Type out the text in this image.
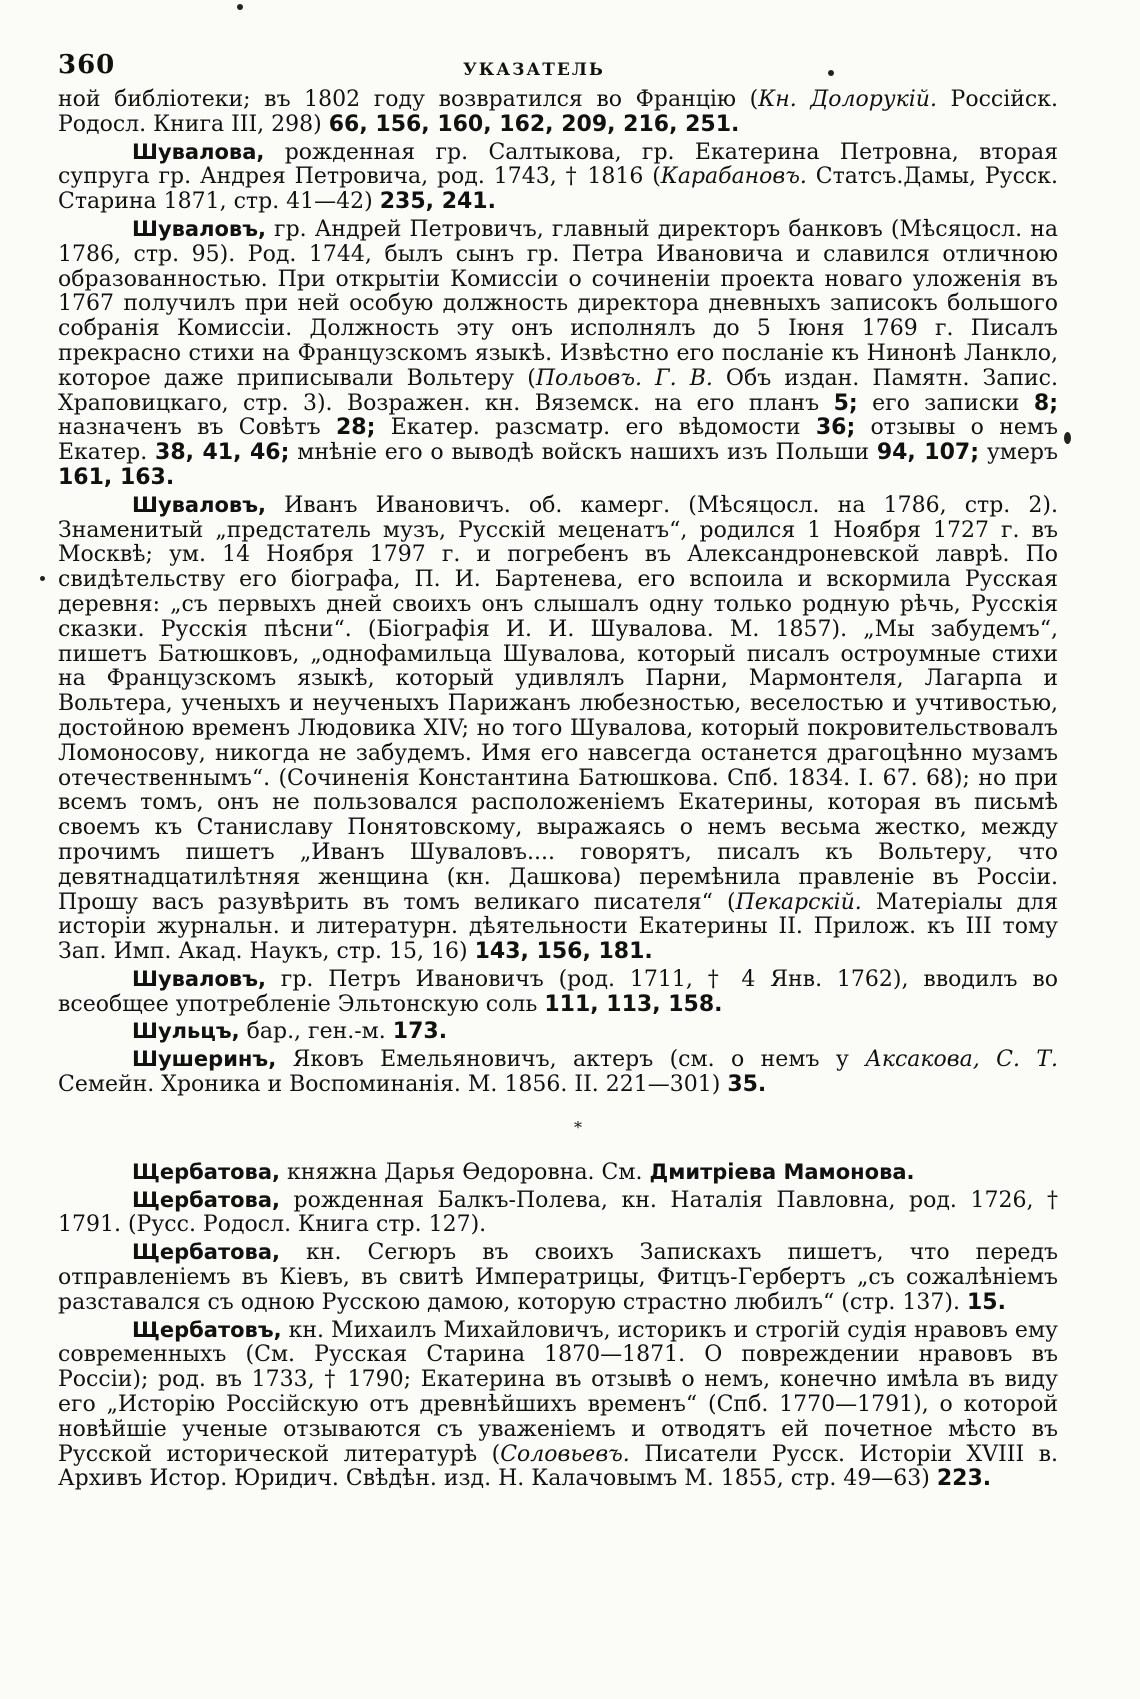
360	УКАЗАТЕЛЬ

ной библіотеки; въ 1802 году возвратился во Францію (Кн. Долорукій. Россійск. Родосл. Книга III, 298) 66, 156, 160, 162, 209, 216, 251.

Шувалова, рожденная гр. Салтыкова, гр. Екатерина Петровна, вторая супруга гр. Андрея Петровича, род. 1743, † 1816 (Карабановъ. Статсъ.Дамы, Русск. Старина 1871, стр. 41—42) 235, 241.

Шуваловъ, гр. Андрей Петровичъ, главный директоръ банковъ (Мѣсяцосл. на 1786, стр. 95). Род. 1744, былъ сынъ гр. Петра Ивановича и славился отличною образованностью. При открытіи Комиссіи о сочиненіи проекта новаго уложенія въ 1767 получилъ при ней особую должность директора дневныхъ записокъ большого собранія Комиссіи. Должность эту онъ исполнялъ до 5 Іюня 1769 г. Писалъ прекрасно стихи на Французскомъ языкѣ. Извѣстно его посланіе къ Нинонѣ Ланкло, которое даже приписывали Вольтеру (Польовъ. Г. В. Объ издан. Памятн. Запис. Храповицкаго, стр. 3). Возражен. кн. Вяземск. на его планъ 5; его записки 8; назначенъ въ Совѣтъ 28; Екатер. разсматр. его вѣдомости 36; отзывы о немъ Екатер. 38, 41, 46; мнѣніе его о выводѣ войскъ нашихъ изъ Польши 94, 107; умеръ 161, 163.

Шуваловъ, Иванъ Ивановичъ. об. камерг. (Мѣсяцосл. на 1786, стр. 2). Знаменитый „предстатель музъ, Русскій меценатъ“, родился 1 Ноября 1727 г. въ Москвѣ; ум. 14 Ноября 1797 г. и погребенъ въ Александроневской лаврѣ. По свидѣтельству его біографа, П. И. Бартенева, его вспоила и вскормила Русская деревня: „съ первыхъ дней своихъ онъ слышалъ одну только родную рѣчь, Русскія сказки. Русскія пѣсни“. (Біографія И. И. Шувалова. М. 1857). „Мы забудемъ“, пишетъ Батюшковъ, „однофамильца Шувалова, который писалъ остроумные стихи на Французскомъ языкѣ, который удивлялъ Парни, Мармонтеля, Лагарпа и Вольтера, ученыхъ и неученыхъ Парижанъ любезностью, веселостью и учтивостью, достойною временъ Людовика XIV; но того Шувалова, который покровительствовалъ Ломоносову, никогда не забудемъ. Имя его навсегда останется драгоцѣнно музамъ отечественнымъ“. (Сочиненія Константина Батюшкова. Спб. 1834. I. 67. 68); но при всемъ томъ, онъ не пользовался расположеніемъ Екатерины, которая въ письмѣ своемъ къ Станиславу Понятовскому, выражаясь о немъ весьма жестко, между прочимъ пишетъ „Иванъ Шуваловъ.... говорятъ, писалъ къ Вольтеру, что девятнадцатилѣтняя женщина (кн. Дашкова) перемѣнила правленіе въ Россіи. Прошу васъ разувѣрить въ томъ великаго писателя“ (Пекарскій. Матеріалы для исторіи журнальн. и литературн. дѣятельности Екатерины II. Прилож. къ III тому Зап. Имп. Акад. Наукъ, стр. 15, 16) 143, 156, 181.

Шуваловъ, гр. Петръ Ивановичъ (род. 1711, † 4 Янв. 1762), вводилъ во всеобщее употребленіе Эльтонскую соль 111, 113, 158.

Шульцъ, бар., ген.-м. 173.

Шушеринъ, Яковъ Емельяновичъ, актеръ (см. о немъ у Аксакова, С. Т. Семейн. Хроника и Воспоминанія. М. 1856. II. 221—301) 35.

*

Щербатова, княжна Дарья Ѳедоровна. См. Дмитріева Мамонова.

Щербатова, рожденная Балкъ-Полева, кн. Наталія Павловна, род. 1726, † 1791. (Русс. Родосл. Книга стр. 127).

Щербатова, кн. Сегюръ въ своихъ Запискахъ пишетъ, что передъ отправленіемъ въ Кіевъ, въ свитѣ Императрицы, Фитцъ-Гербертъ „съ сожалѣніемъ разставался съ одною Русскою дамою, которую страстно любилъ“ (стр. 137). 15.

Щербатовъ, кн. Михаилъ Михайловичъ, историкъ и строгій судія нравовъ ему современныхъ (См. Русская Старина 1870—1871. О повреждении нравовъ въ Россіи); род. въ 1733, † 1790; Екатерина въ отзывѣ о немъ, конечно имѣла въ виду его „Исторію Россійскую отъ древнѣйшихъ временъ“ (Спб. 1770—1791), о которой новѣйшіе ученые отзываются съ уваженіемъ и отводятъ ей почетное мѣсто въ Русской исторической литературѣ (Соловьевъ. Писатели Русск. Исторіи XVIII в. Архивъ Истор. Юридич. Свѣдѣн. изд. Н. Калачовымъ М. 1855, стр. 49—63) 223.
